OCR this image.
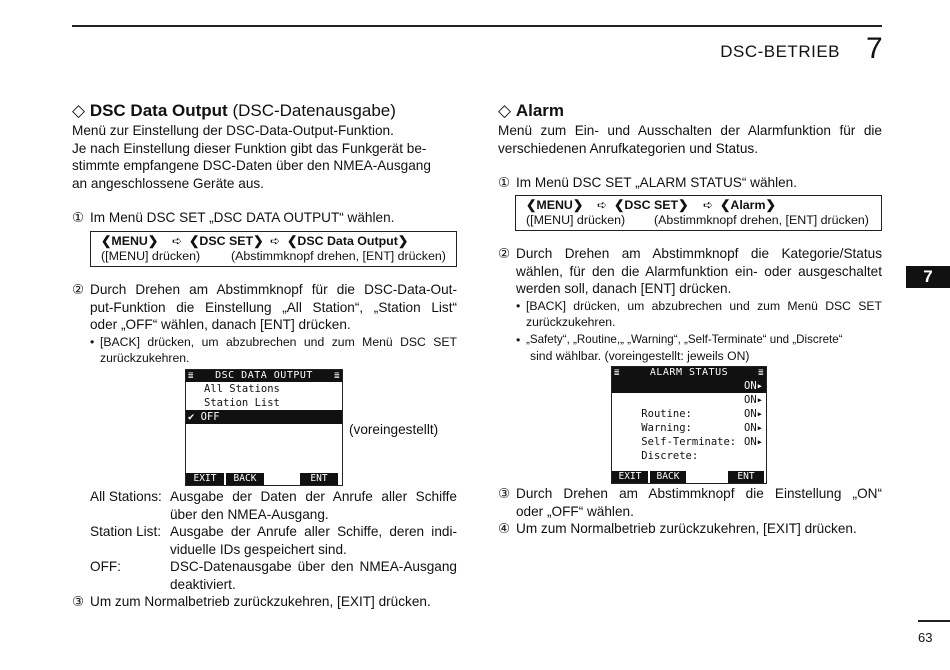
DSC-BETRIEB 7
7
63
◇ DSC Data Output (DSC-Datenausgabe)
Menü zur Einstellung der DSC-Data-Output-Funktion.
Je nach Einstellung dieser Funktion gibt das Funkgerät be-
stimmte empfangene DSC-Daten über den NMEA-Ausgang
an angeschlossene Geräte aus.
① Im Menü DSC SET „DSC DATA OUTPUT“ wählen.
❮MENU❯	➪ ❮DSC SET❯ ➪ ❮DSC Data Output❯
([MENU] drücken)	(Abstimmknopf drehen, [ENT] drücken)
② Durch Drehen am Abstimmknopf für die DSC-Data-Out-
put-Funktion die Einstellung „All Station“, „Station List“
oder „OFF“ wählen, danach [ENT] drücken.
• [BACK] drücken, um abzubrechen und zum Menü DSC SET
zurückzukehren.
≣ DSC DATA OUTPUT ≣
All Stations
Station List
✔ OFF
EXIT	BACK	ENT
(voreingestellt)
All Stations: Ausgabe der Daten der Anrufe aller Schiffe
über den NMEA-Ausgang.
Station List: Ausgabe der Anrufe aller Schiffe, deren indi-
viduelle IDs gespeichert sind.
OFF:	DSC-Datenausgabe über den NMEA-Ausgang
deaktiviert.
③ Um zum Normalbetrieb zurückzukehren, [EXIT] drücken.
◇ Alarm
Menü zum Ein- und Ausschalten der Alarmfunktion für die
verschiedenen Anrufkategorien und Status.
① Im Menü DSC SET „ALARM STATUS“ wählen.
❮MENU❯	➪ ❮DSC SET❯	➪ ❮Alarm❯
([MENU] drücken)	(Abstimmknopf drehen, [ENT] drücken)
② Durch Drehen am Abstimmknopf die Kategorie/Status
wählen, für den die Alarmfunktion ein- oder ausgeschaltet
werden soll, danach [ENT] drücken.
• [BACK] drücken, um abzubrechen und zum Menü DSC SET
zurückzukehren.
• „Safety“, „Routine,„ „Warning“, „Self-Terminate“ und „Discrete“
sind wählbar. (voreingestellt: jeweils ON)
≣	ALARM STATUS	≣

Safety:

ON▸

Routine:

ON▸

Warning:

ON▸

Self-Terminate:

ON▸

Discrete:

ON▸

EXIT	BACK	ENT
③ Durch Drehen am Abstimmknopf die Einstellung „ON“
oder „OFF“ wählen.
④ Um zum Normalbetrieb zurückzukehren, [EXIT] drücken.
